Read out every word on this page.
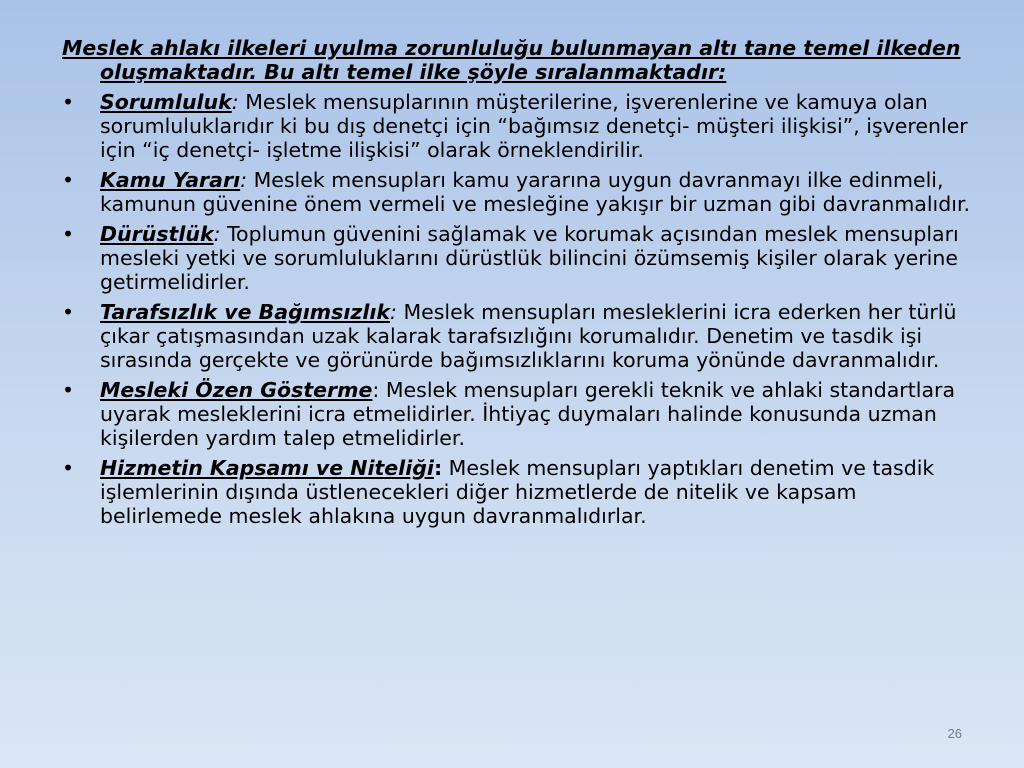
Meslek ahlakı ilkeleri uyulma zorunluluğu bulunmayan altı tane temel ilkeden oluşmaktadır. Bu altı temel ilke şöyle sıralanmaktadır:

• Sorumluluk: Meslek mensuplarının müşterilerine, işverenlerine ve kamuya olan sorumluluklarıdır ki bu dış denetçi için “bağımsız denetçi- müşteri ilişkisi”, işverenler için “iç denetçi- işletme ilişkisi” olarak örneklendirilir.
• Kamu Yararı: Meslek mensupları kamu yararına uygun davranmayı ilke edinmeli, kamunun güvenine önem vermeli ve mesleğine yakışır bir uzman gibi davranmalıdır.
• Dürüstlük: Toplumun güvenini sağlamak ve korumak açısından meslek mensupları mesleki yetki ve sorumluluklarını dürüstlük bilincini özümsemiş kişiler olarak yerine getirmelidirler.
• Tarafsızlık ve Bağımsızlık: Meslek mensupları mesleklerini icra ederken her türlü çıkar çatışmasından uzak kalarak tarafsızlığını korumalıdır. Denetim ve tasdik işi sırasında gerçekte ve görünürde bağımsızlıklarını koruma yönünde davranmalıdır.
• Mesleki Özen Gösterme: Meslek mensupları gerekli teknik ve ahlaki standartlara uyarak mesleklerini icra etmelidirler. İhtiyaç duymaları halinde konusunda uzman kişilerden yardım talep etmelidirler.
• Hizmetin Kapsamı ve Niteliği: Meslek mensupları yaptıkları denetim ve tasdik işlemlerinin dışında üstlenecekleri diğer hizmetlerde de nitelik ve kapsam belirlemede meslek ahlakına uygun davranmalıdırlar.
26
